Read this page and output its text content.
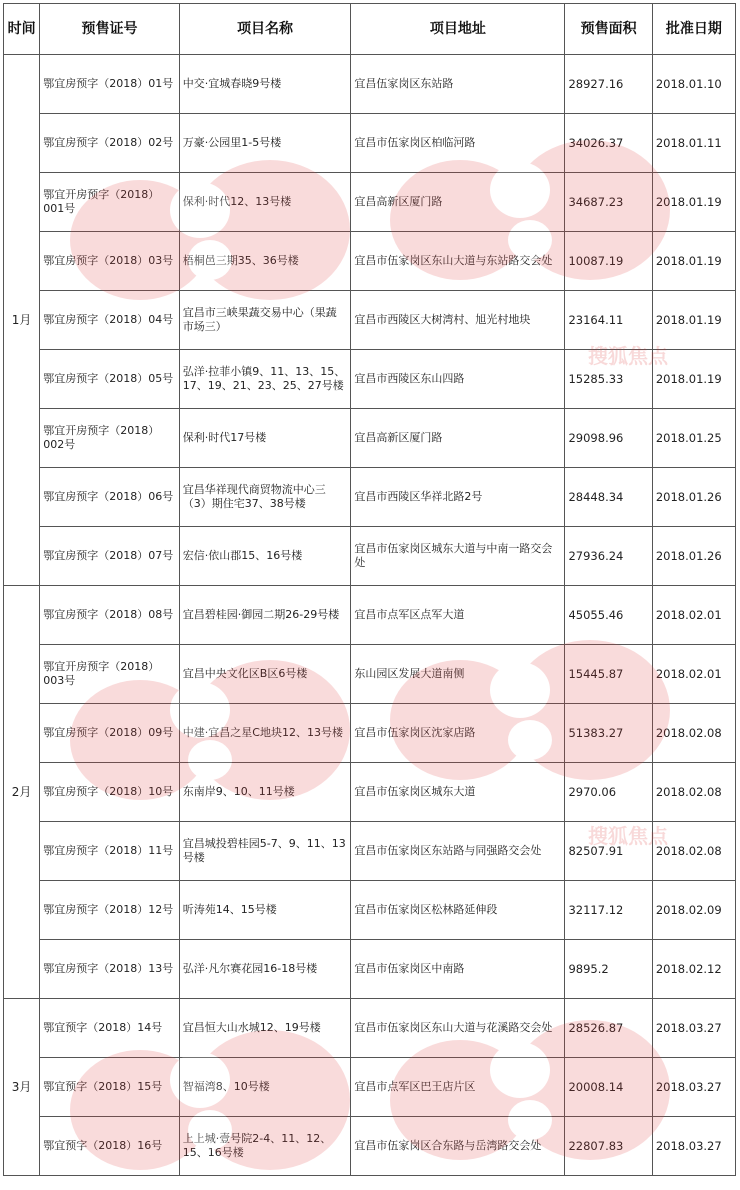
时间	预售证号	项目名称	项目地址	预售面积	批准日期
1月	鄂宜房预字（2018）01号	中交·宜城春晓9号楼	宜昌伍家岗区东站路	28927.16	2018.01.10
	鄂宜房预字（2018）02号	万豪·公园里1-5号楼	宜昌市伍家岗区柏临河路	34026.37	2018.01.11
	鄂宜开房预字（2018）001号	保利·时代12、13号楼	宜昌高新区厦门路	34687.23	2018.01.19
	鄂宜房预字（2018）03号	梧桐邑三期35、36号楼	宜昌市伍家岗区东山大道与东站路交会处	10087.19	2018.01.19
	鄂宜房预字（2018）04号	宜昌市三峡果蔬交易中心（果蔬市场三）	宜昌市西陵区大树湾村、旭光村地块	23164.11	2018.01.19
	鄂宜房预字（2018）05号	弘洋·拉菲小镇9、11、13、15、17、19、21、23、25、27号楼	宜昌市西陵区东山四路	15285.33	2018.01.19
	鄂宜开房预字（2018）002号	保利·时代17号楼	宜昌高新区厦门路	29098.96	2018.01.25
	鄂宜房预字（2018）06号	宜昌华祥现代商贸物流中心三（3）期住宅37、38号楼	宜昌市西陵区华祥北路2号	28448.34	2018.01.26
	鄂宜房预字（2018）07号	宏信·依山郡15、16号楼	宜昌市伍家岗区城东大道与中南一路交会处	27936.24	2018.01.26
2月	鄂宜房预字（2018）08号	宜昌碧桂园·御园二期26-29号楼	宜昌市点军区点军大道	45055.46	2018.02.01
	鄂宜开房预字（2018）003号	宜昌中央文化区B区6号楼	东山园区发展大道南侧	15445.87	2018.02.01
	鄂宜房预字（2018）09号	中建·宜昌之星C地块12、13号楼	宜昌市伍家岗区沈家店路	51383.27	2018.02.08
	鄂宜房预字（2018）10号	东南岸9、10、11号楼	宜昌市伍家岗区城东大道	2970.06	2018.02.08
	鄂宜房预字（2018）11号	宜昌城投碧桂园5-7、9、11、13号楼	宜昌市伍家岗区东站路与同强路交会处	82507.91	2018.02.08
	鄂宜房预字（2018）12号	听涛苑14、15号楼	宜昌市伍家岗区松林路延伸段	32117.12	2018.02.09
	鄂宜房预字（2018）13号	弘洋·凡尔赛花园16-18号楼	宜昌市伍家岗区中南路	9895.2	2018.02.12
3月	鄂宜预字（2018）14号	宜昌恒大山水城12、19号楼	宜昌市伍家岗区东山大道与花溪路交会处	28526.87	2018.03.27
	鄂宜预字（2018）15号	智福湾8、10号楼	宜昌市点军区巴王店片区	20008.14	2018.03.27
	鄂宜预字（2018）16号	上上城·壹号院2-4、11、12、15、16号楼	宜昌市伍家岗区合东路与岳湾路交会处	22807.83	2018.03.27
搜狐焦点
搜狐焦点
